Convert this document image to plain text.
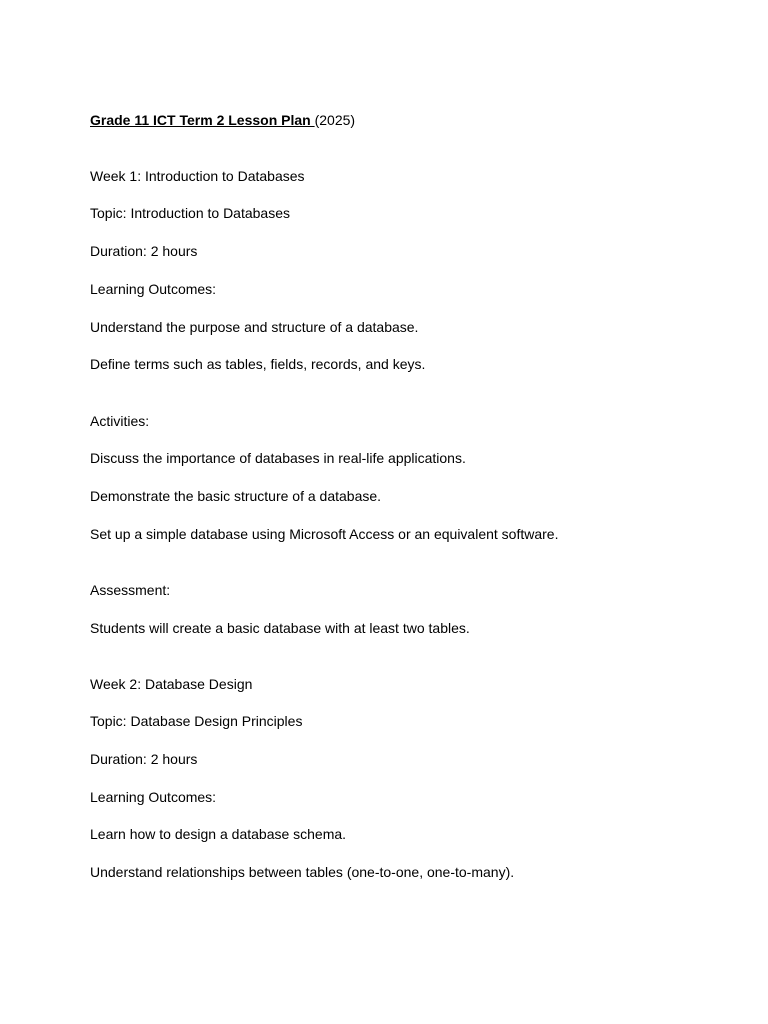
Grade 11 ICT Term 2 Lesson Plan (2025)
Week 1: Introduction to Databases
Topic: Introduction to Databases
Duration: 2 hours
Learning Outcomes:
Understand the purpose and structure of a database.
Define terms such as tables, fields, records, and keys.
Activities:
Discuss the importance of databases in real-life applications.
Demonstrate the basic structure of a database.
Set up a simple database using Microsoft Access or an equivalent software.
Assessment:
Students will create a basic database with at least two tables.
Week 2: Database Design
Topic: Database Design Principles
Duration: 2 hours
Learning Outcomes:
Learn how to design a database schema.
Understand relationships between tables (one-to-one, one-to-many).
